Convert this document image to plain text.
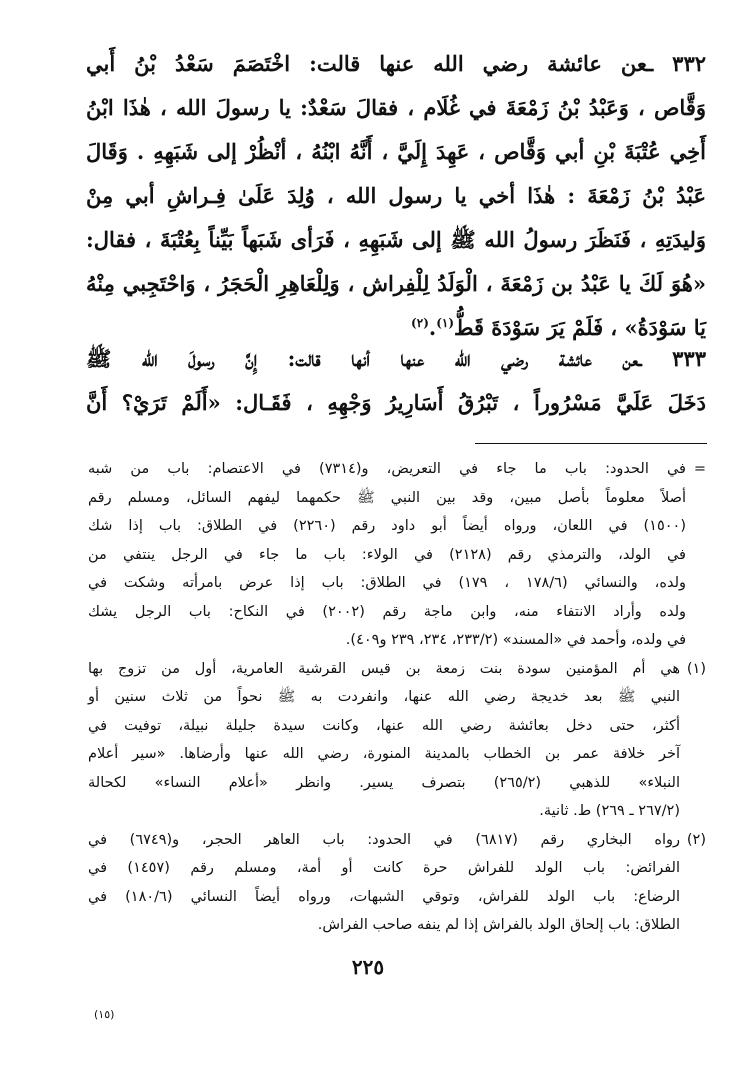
٣٣٢ ـعن عائشة رضي الله عنها قالت: اخْتَصَمَ سَعْدُ بْنُ أَبي

وَقَّاص ، وَعَبْدُ بْنُ زَمْعَةَ في غُلَام ، فقالَ سَعْدٌ: يا رسولَ الله ، هٰذَا ابْنُ

أَخِي عُتْبَةَ بْنِ أبي وَقَّاص ، عَهِدَ إِلَيَّ ، أَنَّهُ ابْنُهُ ، أنْظُرْ إلى شَبَهِهِ . وَقَالَ

عَبْدُ بْنُ زَمْعَةَ : هٰذَا أخي يا رسول الله ، وُلِدَ عَلَىٰ فِـراشِ أبي مِنْ

وَليدَتِهِ ، فَنَظَرَ رسولُ الله ﷺ إلى شَبَهِهِ ، فَرَأى شَبَهاً بَيِّناً بِعُتْبَةَ ، فقال:

«هُوَ لَكَ يا عَبْدُ بن زَمْعَةَ ، الْوَلَدُ لِلْفِراش ، وَلِلْعَاهِرِ الْحَجَرُ ، وَاحْتَجِبي مِنْهُ

يَا سَوْدَةُ» ، فَلَمْ يَرَ سَوْدَةَ قَطُّ$^{(١)}$.$^{(٢)}$

٣٣٣ ـعن عائشة رضي الله عنها أنها قالت: إِنَّ رسولَ الله ﷺ

دَخَلَ عَلَيَّ مَسْرُوراً ، تَبْرُقُ أَسَارِيرُ وَجْهِهِ ، فَقَـال: «أَلَمْ تَرَيْ؟ أَنَّ

=

في الحدود: باب ما جاء في التعريض، و(٧٣١٤) في الاعتصام: باب من شبه

أصلاً معلوماً بأصل مبين، وقد بين النبي ﷺ حكمهما ليفهم السائل، ومسلم رقم

(١٥٠٠) في اللعان، ورواه أيضاً أبو داود رقم (٢٢٦٠) في الطلاق: باب إذا شك

في الولد، والترمذي رقم (٢١٢٨) في الولاء: باب ما جاء في الرجل ينتفي من

ولده، والنسائي (١٧٨/٦ ، ١٧٩) في الطلاق: باب إذا عرض بامرأته وشكت في

ولده وأراد الانتفاء منه، وابن ماجة رقم (٢٠٠٢) في النكاح: باب الرجل يشك

في ولده، وأحمد في «المسند» (٢٣٣/٢، ٢٣٤، ٢٣٩ و٤٠٩).

(١)

هي أم المؤمنين سودة بنت زمعة بن قيس القرشية العامرية، أول من تزوج بها

النبي ﷺ بعد خديجة رضي الله عنها، وانفردت به ﷺ نحواً من ثلاث سنين أو

أكثر، حتى دخل بعائشة رضي الله عنها، وكانت سيدة جليلة نبيلة، توفيت في

آخر خلافة عمر بن الخطاب بالمدينة المنورة، رضي الله عنها وأرضاها. «سير أعلام

النبلاء» للذهبي (٢٦٥/٢) بتصرف يسير. وانظر «أعلام النساء» لكحالة

(٢٦٧/٢ ـ ٢٦٩) ط. ثانية.

(٢)

رواه البخاري رقم (٦٨١٧) في الحدود: باب العاهر الحجر، و(٦٧٤٩) في

الفرائض: باب الولد للفراش حرة كانت أو أمة، ومسلم رقم (١٤٥٧) في

الرضاع: باب الولد للفراش، وتوقي الشبهات، ورواه أيضاً النسائي (١٨٠/٦) في

الطلاق: باب إلحاق الولد بالفراش إذا لم ينفه صاحب الفراش.

٢٢٥
(١٥)
